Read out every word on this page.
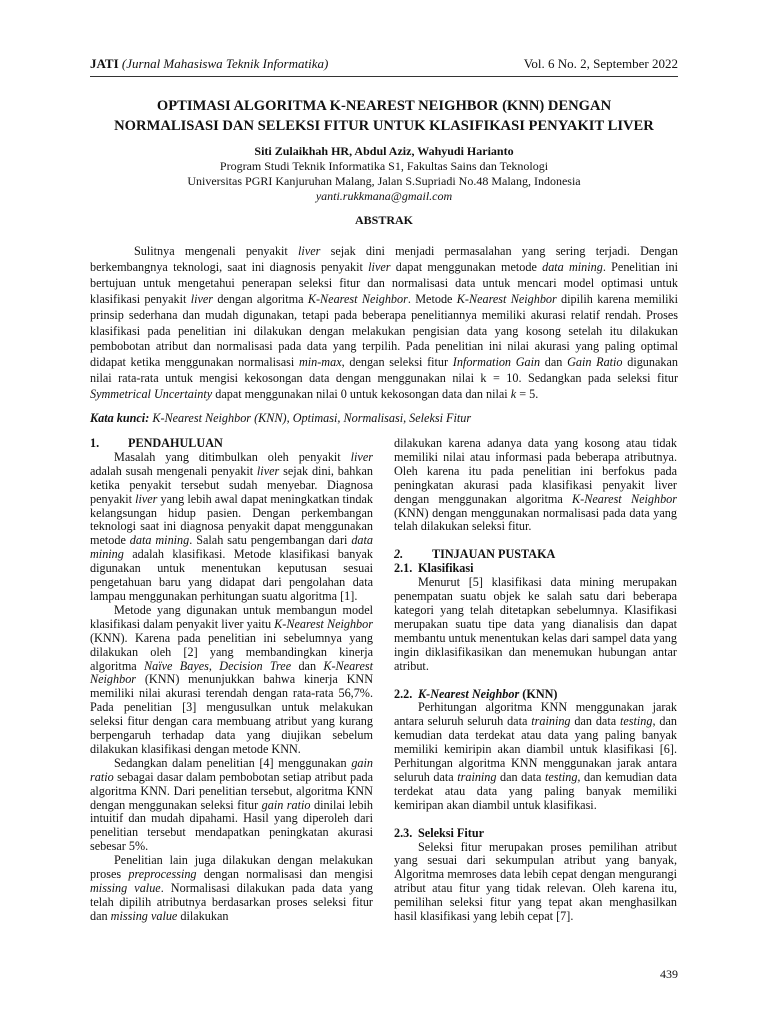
JATI (Jurnal Mahasiswa Teknik Informatika)	Vol. 6 No. 2, September 2022
OPTIMASI ALGORITMA K-NEAREST NEIGHBOR (KNN) DENGAN
NORMALISASI DAN SELEKSI FITUR UNTUK KLASIFIKASI PENYAKIT LIVER
Siti Zulaikhah HR, Abdul Aziz, Wahyudi Harianto
Program Studi Teknik Informatika S1, Fakultas Sains dan Teknologi
Universitas PGRI Kanjuruhan Malang, Jalan S.Supriadi No.48 Malang, Indonesia
yanti.rukkmana@gmail.com
ABSTRAK

Sulitnya mengenali penyakit liver sejak dini menjadi permasalahan yang sering terjadi. Dengan berkembangnya teknologi, saat ini diagnosis penyakit liver dapat menggunakan metode data mining. Penelitian ini bertujuan untuk mengetahui penerapan seleksi fitur dan normalisasi data untuk mencari model optimasi untuk klasifikasi penyakit liver dengan algoritma K-Nearest Neighbor. Metode K-Nearest Neighbor dipilih karena memiliki prinsip sederhana dan mudah digunakan, tetapi pada beberapa penelitiannya memiliki akurasi relatif rendah. Proses klasifikasi pada penelitian ini dilakukan dengan melakukan pengisian data yang kosong setelah itu dilakukan pembobotan atribut dan normalisasi pada data yang terpilih. Pada penelitian ini nilai akurasi yang paling optimal didapat ketika menggunakan normalisasi min-max, dengan seleksi fitur Information Gain dan Gain Ratio digunakan nilai rata-rata untuk mengisi kekosongan data dengan menggunakan nilai k = 10. Sedangkan pada seleksi fitur Symmetrical Uncertainty dapat menggunakan nilai 0 untuk kekosongan data dan nilai k = 5.

Kata kunci: K-Nearest Neighbor (KNN), Optimasi, Normalisasi, Seleksi Fitur

1.	PENDAHULUAN

Masalah yang ditimbulkan oleh penyakit liver adalah susah mengenali penyakit liver sejak dini, bahkan ketika penyakit tersebut sudah menyebar. Diagnosa penyakit liver yang lebih awal dapat meningkatkan tindak kelangsungan hidup pasien. Dengan perkembangan teknologi saat ini diagnosa penyakit dapat menggunakan metode data mining. Salah satu pengembangan dari data mining adalah klasifikasi. Metode klasifikasi banyak digunakan untuk menentukan keputusan sesuai pengetahuan baru yang didapat dari pengolahan data lampau menggunakan perhitungan suatu algoritma [1].

Metode yang digunakan untuk membangun model klasifikasi dalam penyakit liver yaitu K-Nearest Neighbor (KNN). Karena pada penelitian ini sebelumnya yang dilakukan oleh [2] yang membandingkan kinerja algoritma Naïve Bayes, Decision Tree dan K-Nearest Neighbor (KNN) menunjukkan bahwa kinerja KNN memiliki nilai akurasi terendah dengan rata-rata 56,7%. Pada penelitian [3] mengusulkan untuk melakukan seleksi fitur dengan cara membuang atribut yang kurang berpengaruh terhadap data yang diujikan sebelum dilakukan klasifikasi dengan metode KNN.

Sedangkan dalam penelitian [4] menggunakan gain ratio sebagai dasar dalam pembobotan setiap atribut pada algoritma KNN. Dari penelitian tersebut, algoritma KNN dengan menggunakan seleksi fitur gain ratio dinilai lebih intuitif dan mudah dipahami. Hasil yang diperoleh dari penelitian tersebut mendapatkan peningkatan akurasi sebesar 5%.

Penelitian lain juga dilakukan dengan melakukan proses preprocessing dengan normalisasi dan mengisi missing value. Normalisasi dilakukan pada data yang telah dipilih atributnya berdasarkan proses seleksi fitur dan missing value dilakukan

dilakukan karena adanya data yang kosong atau tidak memiliki nilai atau informasi pada beberapa atributnya. Oleh karena itu pada penelitian ini berfokus pada peningkatan akurasi pada klasifikasi penyakit liver dengan menggunakan algoritma K-Nearest Neighbor (KNN) dengan menggunakan normalisasi pada data yang telah dilakukan seleksi fitur.

2.	TINJAUAN PUSTAKA
2.1. Klasifikasi

Menurut [5] klasifikasi data mining merupakan penempatan suatu objek ke salah satu dari beberapa kategori yang telah ditetapkan sebelumnya. Klasifikasi merupakan suatu tipe data yang dianalisis dan dapat membantu untuk menentukan kelas dari sampel data yang ingin diklasifikasikan dan menemukan hubungan antar atribut.

2.2. K-Nearest Neighbor (KNN)

Perhitungan algoritma KNN menggunakan jarak antara seluruh seluruh data training dan data testing, dan kemudian data terdekat atau data yang paling banyak memiliki kemiripin akan diambil untuk klasifikasi [6]. Perhitungan algoritma KNN menggunakan jarak antara seluruh data training dan data testing, dan kemudian data terdekat atau data yang paling banyak memiliki kemiripan akan diambil untuk klasifikasi.

2.3. Seleksi Fitur

Seleksi fitur merupakan proses pemilihan atribut yang sesuai dari sekumpulan atribut yang banyak, Algoritma memroses data lebih cepat dengan mengurangi atribut atau fitur yang tidak relevan. Oleh karena itu, pemilihan seleksi fitur yang tepat akan menghasilkan hasil klasifikasi yang lebih cepat [7].

439
